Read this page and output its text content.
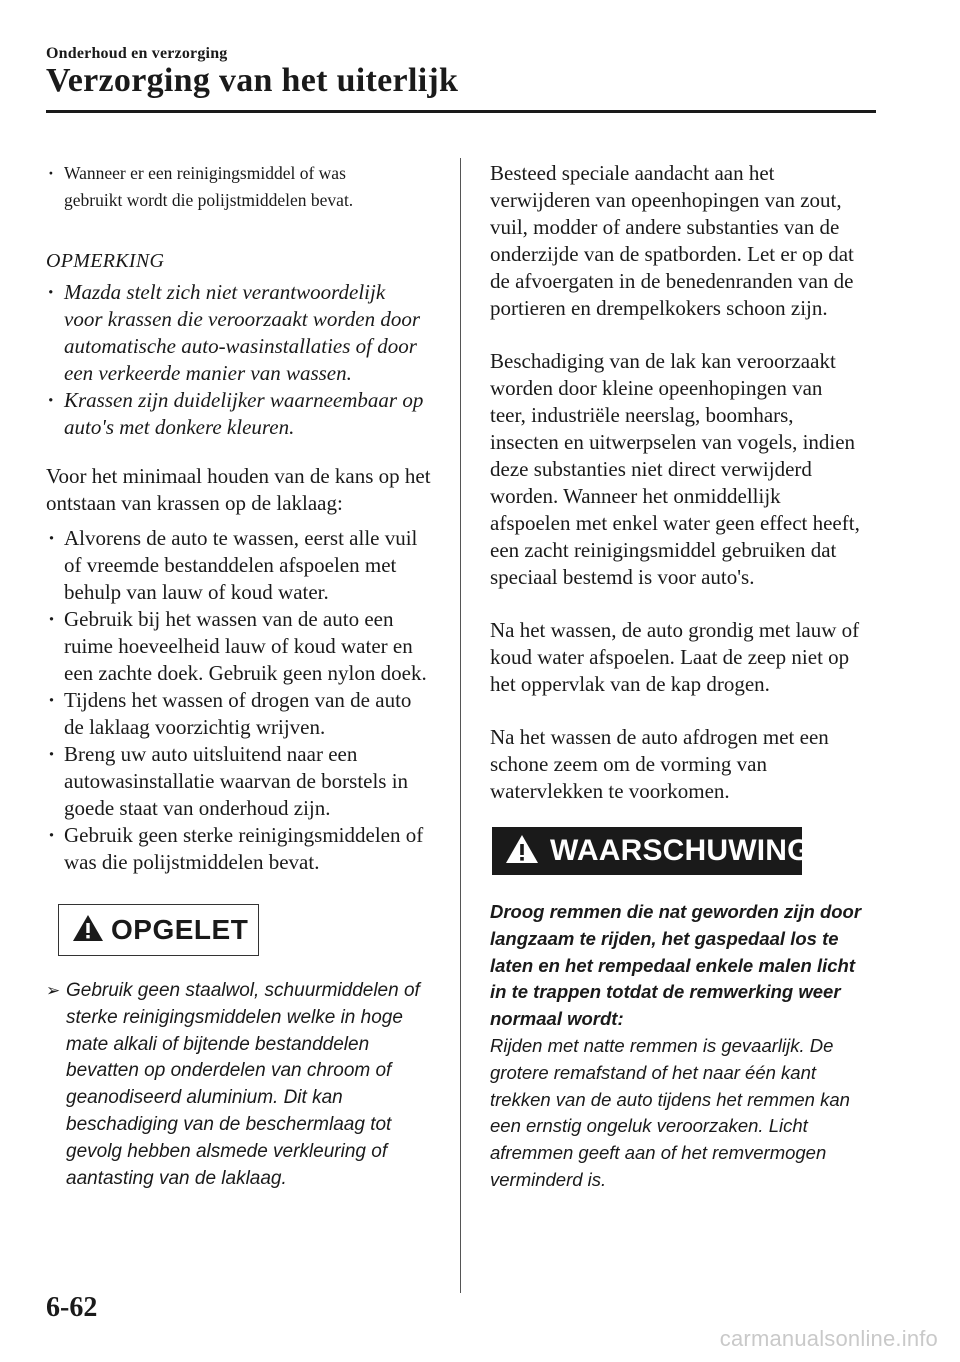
Onderhoud en verzorging
Verzorging van het uiterlijk
· Wanneer er een reinigingsmiddel of was gebruikt wordt die polijstmiddelen bevat.
OPMERKING
· Mazda stelt zich niet verantwoordelijk voor krassen die veroorzaakt worden door automatische auto-wasinstallaties of door een verkeerde manier van wassen.
· Krassen zijn duidelijker waarneembaar op auto's met donkere kleuren.

Voor het minimaal houden van de kans op het ontstaan van krassen op de laklaag:

· Alvorens de auto te wassen, eerst alle vuil of vreemde bestanddelen afspoelen met behulp van lauw of koud water.
· Gebruik bij het wassen van de auto een ruime hoeveelheid lauw of koud water en een zachte doek. Gebruik geen nylon doek.
· Tijdens het wassen of drogen van de auto de laklaag voorzichtig wrijven.
· Breng uw auto uitsluitend naar een autowasinstallatie waarvan de borstels in goede staat van onderhoud zijn.
· Gebruik geen sterke reinigingsmiddelen of was die polijstmiddelen bevat.
OPGELET
➢ Gebruik geen staalwol, schuurmiddelen of sterke reinigingsmiddelen welke in hoge mate alkali of bijtende bestanddelen bevatten op onderdelen van chroom of geanodiseerd aluminium. Dit kan beschadiging van de beschermlaag tot gevolg hebben alsmede verkleuring of aantasting van de laklaag.

Besteed speciale aandacht aan het verwijderen van opeenhopingen van zout, vuil, modder of andere substanties van de onderzijde van de spatborden. Let er op dat de afvoergaten in de benedenranden van de portieren en drempelkokers schoon zijn.

Beschadiging van de lak kan veroorzaakt worden door kleine opeenhopingen van teer, industriële neerslag, boomhars, insecten en uitwerpselen van vogels, indien deze substanties niet direct verwijderd worden. Wanneer het onmiddellijk afspoelen met enkel water geen effect heeft, een zacht reinigingsmiddel gebruiken dat speciaal bestemd is voor auto's.

Na het wassen, de auto grondig met lauw of koud water afspoelen. Laat de zeep niet op het oppervlak van de kap drogen.

Na het wassen de auto afdrogen met een schone zeem om de vorming van watervlekken te voorkomen.

WAARSCHUWING
Droog remmen die nat geworden zijn door langzaam te rijden, het gaspedaal los te laten en het rempedaal enkele malen licht in te trappen totdat de remwerking weer normaal wordt:
Rijden met natte remmen is gevaarlijk. De grotere remafstand of het naar één kant trekken van de auto tijdens het remmen kan een ernstig ongeluk veroorzaken. Licht afremmen geeft aan of het remvermogen verminderd is.

6-62

carmanualsonline.info
